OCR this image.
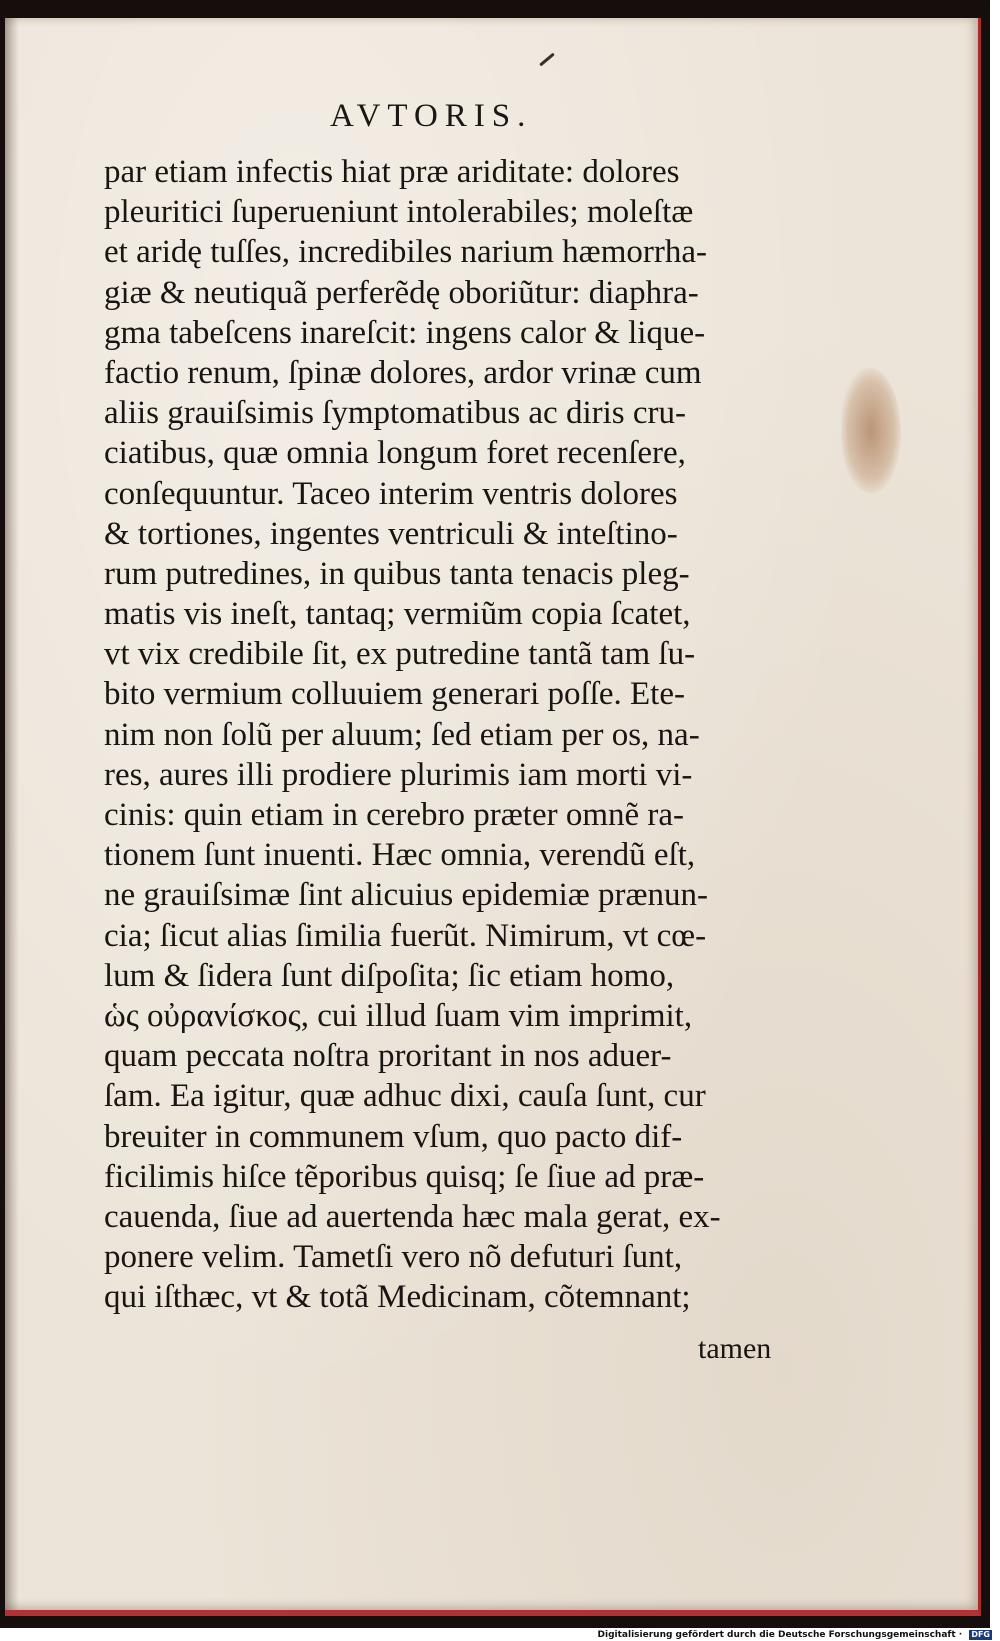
AVTORIS.
par etiam infectis hiat præ ariditate: dolores
pleuritici ſuperueniunt intolerabiles; moleſtæ
et aridę tuſſes, incredibiles narium hæmorrha-
giæ & neutiquã perferẽdę oboriũtur: diaphra-
gma tabeſcens inareſcit: ingens calor & lique-
factio renum, ſpinæ dolores, ardor vrinæ cum
aliis grauiſsimis ſymptomatibus ac diris cru-
ciatibus, quæ omnia longum foret recenſere,
conſequuntur. Taceo interim ventris dolores
& tortiones, ingentes ventriculi & inteſtino-
rum putredines, in quibus tanta tenacis pleg-
matis vis ineſt, tantaq; vermiũm copia ſcatet,
vt vix credibile ſit, ex putredine tantã tam ſu-
bito vermium colluuiem generari poſſe. Ete-
nim non ſolũ per aluum; ſed etiam per os, na-
res, aures illi prodiere plurimis iam morti vi-
cinis: quin etiam in cerebro præter omnẽ ra-
tionem ſunt inuenti. Hæc omnia, verendũ eſt,
ne grauiſsimæ ſint alicuius epidemiæ prænun-
cia; ſicut alias ſimilia fuerũt. Nimirum, vt cœ-
lum & ſidera ſunt diſpoſita; ſic etiam homo,
ὡς οὐρανίσκος, cui illud ſuam vim imprimit,
quam peccata noſtra proritant in nos aduer-
ſam. Ea igitur, quæ adhuc dixi, cauſa ſunt, cur
breuiter in communem vſum, quo pacto dif-
ficilimis hiſce tẽporibus quisq; ſe ſiue ad præ-
cauenda, ſiue ad auertenda hæc mala gerat, ex-
ponere velim. Tametſi vero nõ defuturi ſunt,
qui iſthæc, vt & totã Medicinam, cõtemnant;
tamen
Digitalisierung gefördert durch die Deutsche Forschungsgemeinschaft · DFG
